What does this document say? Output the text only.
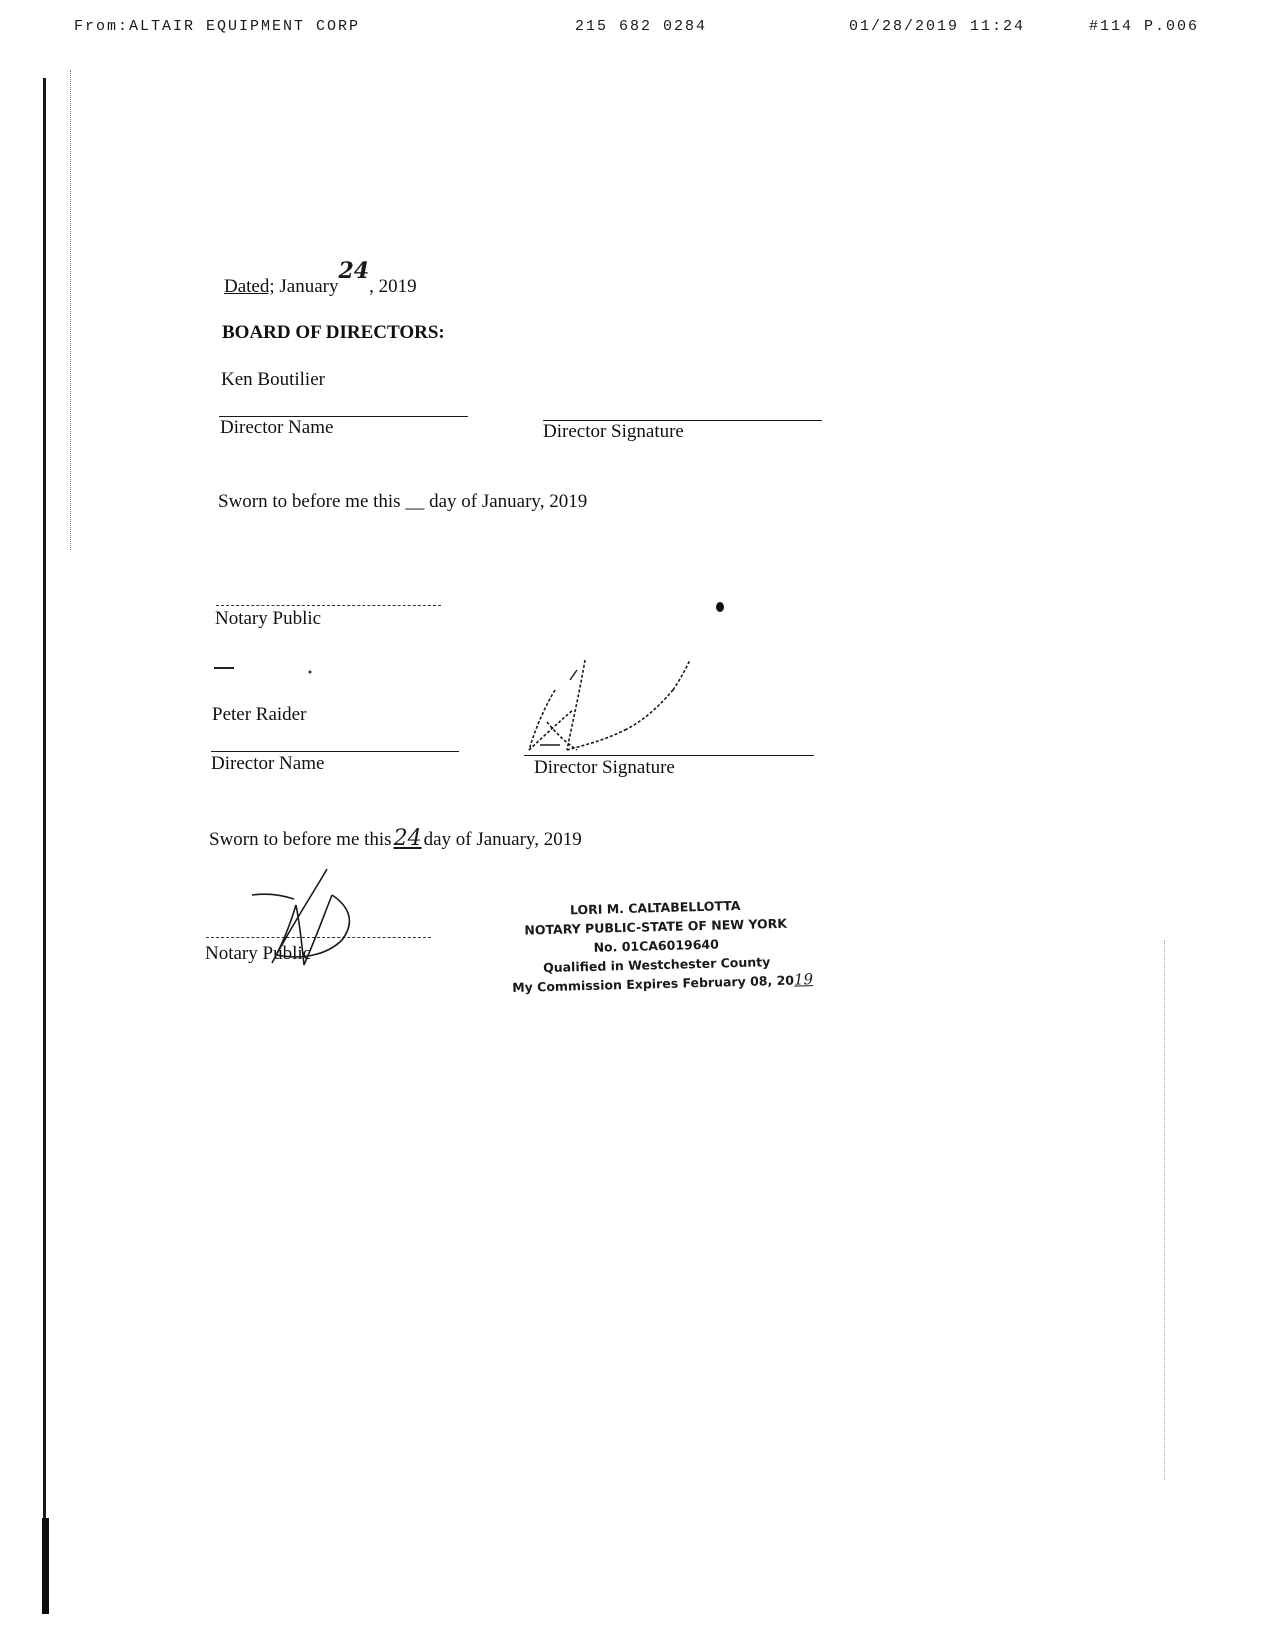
From:ALTAIR EQUIPMENT CORP	215 682 0284	01/28/2019 11:24	#114 P.006
Dated; January24, 2019
BOARD OF DIRECTORS:
Ken Boutilier
Director Name	Director Signature
Sworn to before me this __ day of January, 2019
Notary Public
Peter Raider
Director Name	Director Signature
Sworn to before me this24 day of January, 2019
Notary Public
LORI M. CALTABELLOTTA
NOTARY PUBLIC-STATE OF NEW YORK
No. 01CA6019640
Qualified in Westchester County
My Commission Expires February 08, 2019
